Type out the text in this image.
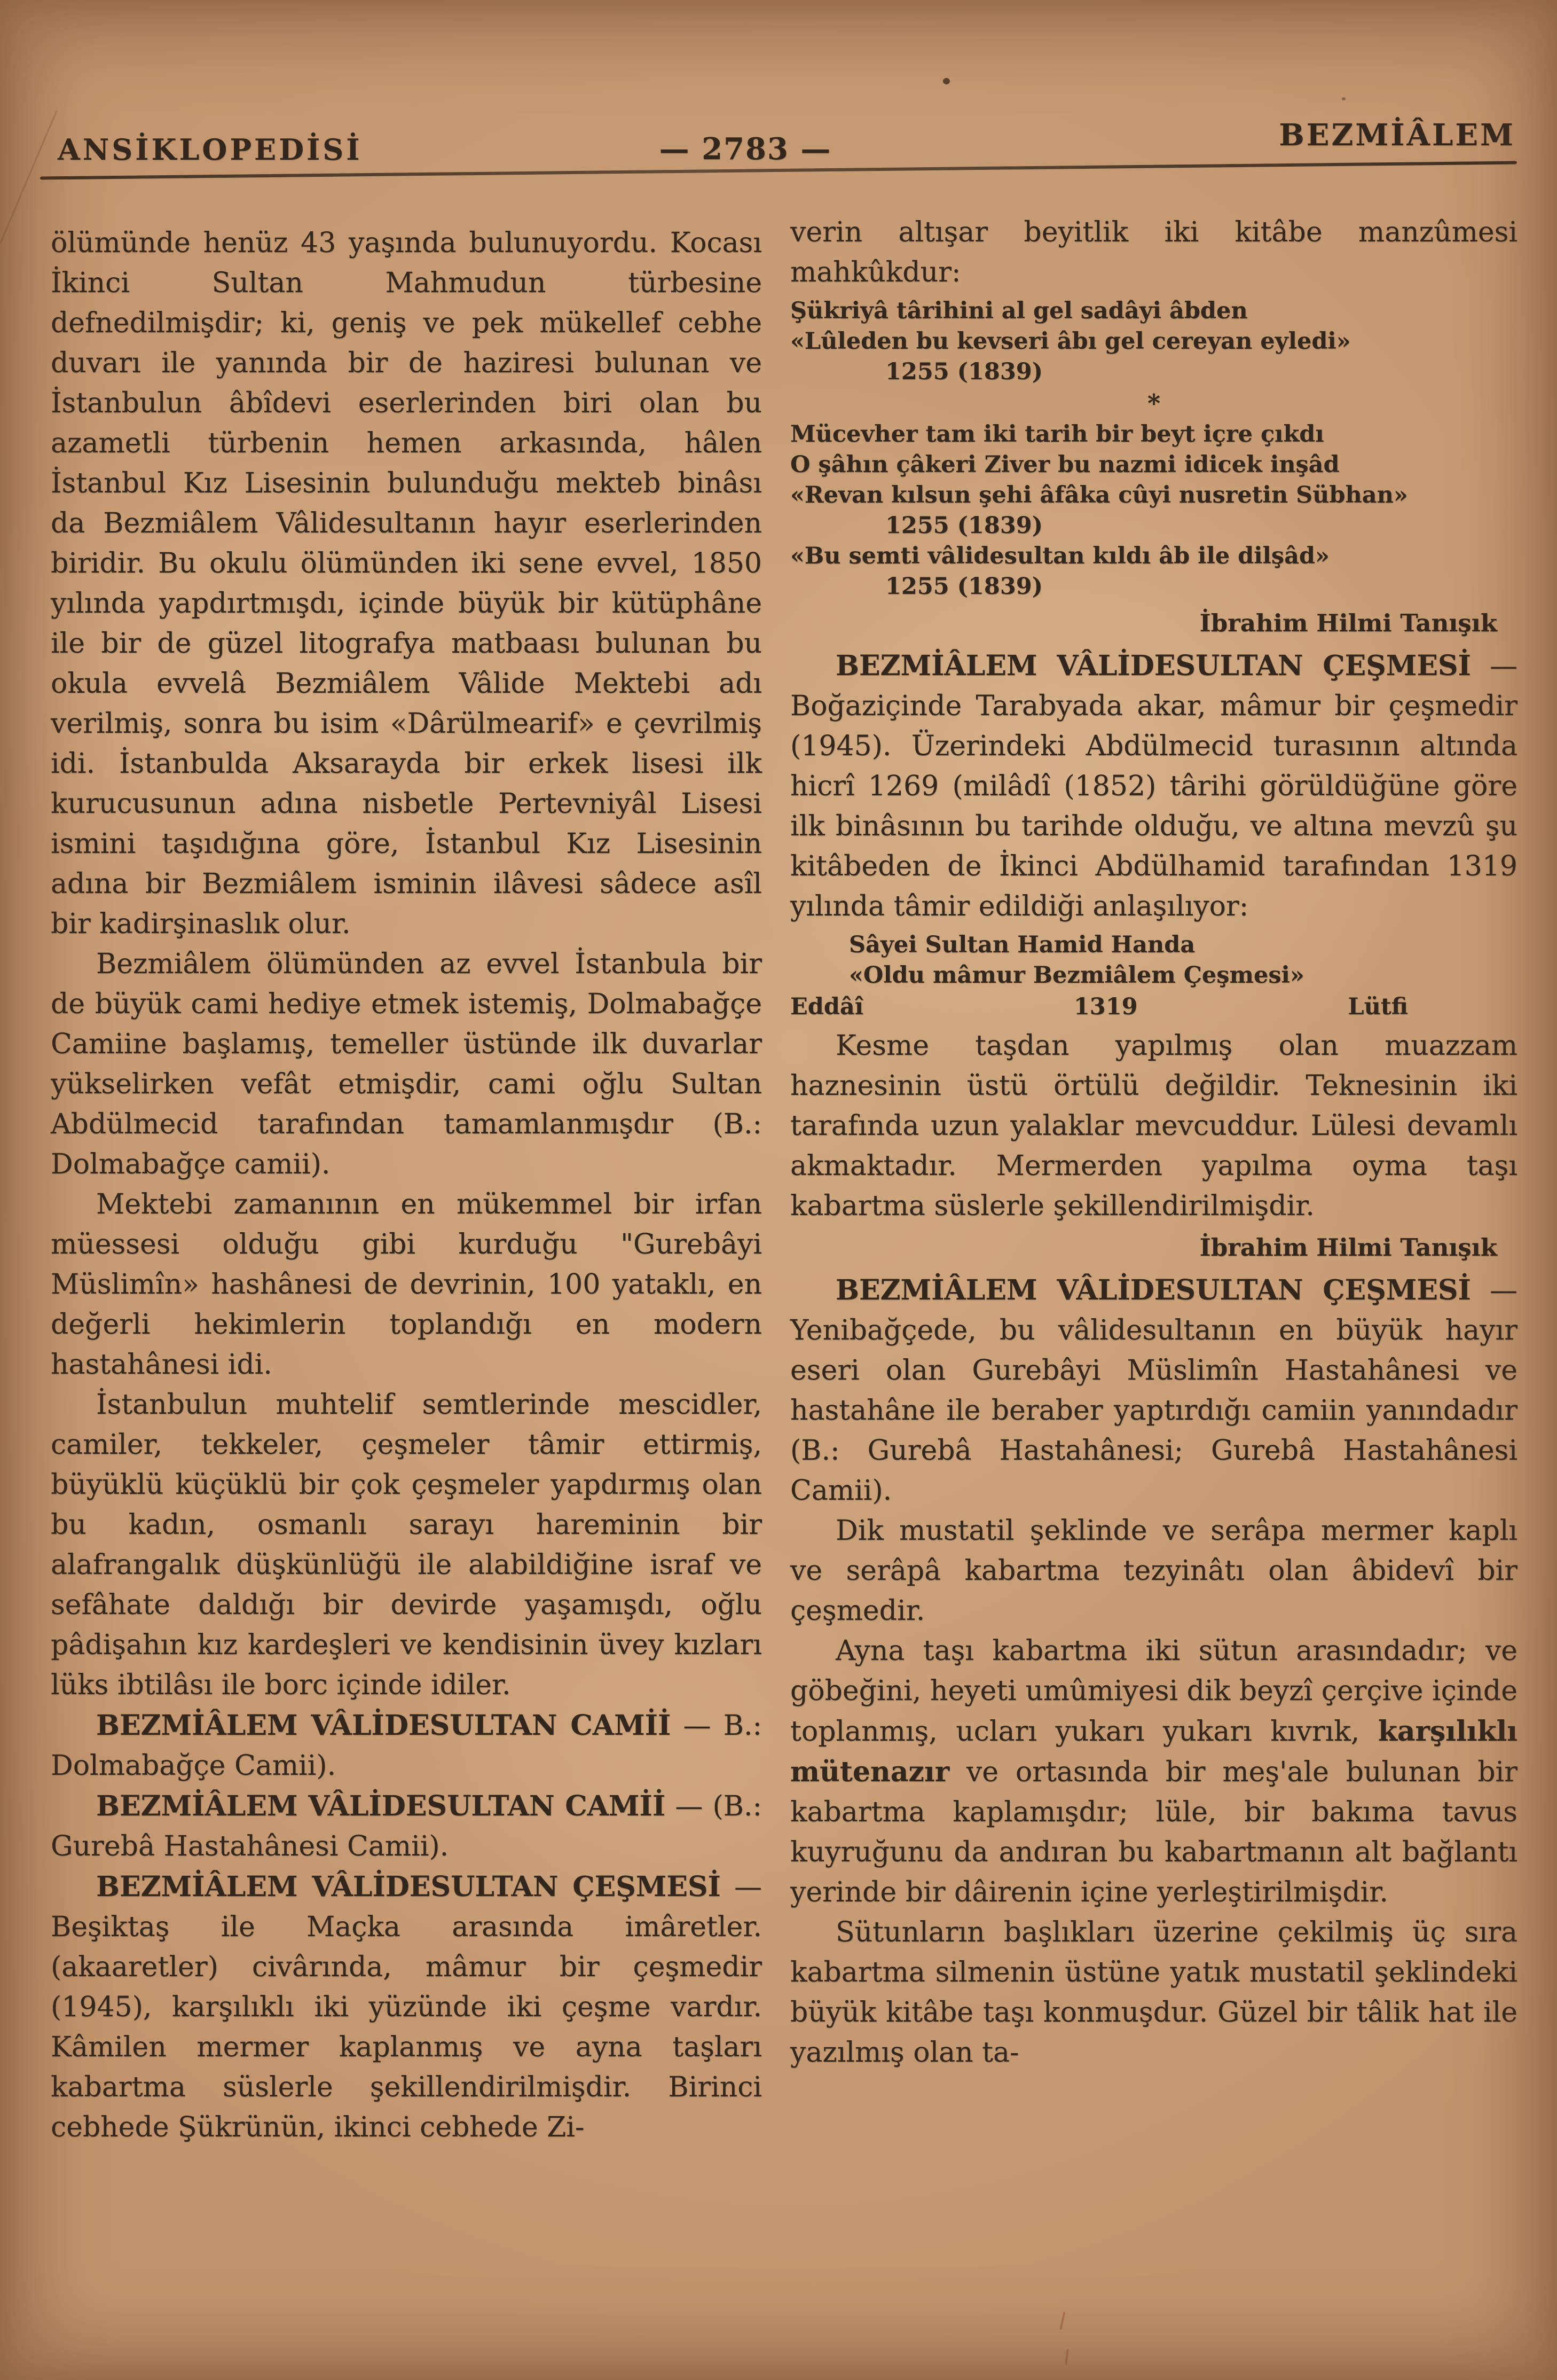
ANSİKLOPEDİSİ	— 2783 —	BEZMİÂLEM

ölümünde henüz 43 yaşında bulunuyordu. Kocası İkinci Sultan Mahmudun türbesine defnedilmişdir; ki, geniş ve pek mükellef cebhe duvarı ile yanında bir de haziresi bulunan ve İstanbulun âbîdevi eserlerinden biri olan bu azametli türbenin hemen arkasında, hâlen İstanbul Kız Lisesinin bulunduğu mekteb binâsı da Bezmiâlem Vâlidesultanın hayır eserlerinden biridir. Bu okulu ölümünden iki sene evvel, 1850 yılında yapdırtmışdı, içinde büyük bir kütüphâne ile bir de güzel litografya matbaası bulunan bu okula evvelâ Bezmiâlem Vâlide Mektebi adı verilmiş, sonra bu isim «Dârülmearif» e çevrilmiş idi. İstanbulda Aksarayda bir erkek lisesi ilk kurucusunun adına nisbetle Pertevniyâl Lisesi ismini taşıdığına göre, İstanbul Kız Lisesinin adına bir Bezmiâlem isminin ilâvesi sâdece asîl bir kadirşinaslık olur.

Bezmiâlem ölümünden az evvel İstanbula bir de büyük cami hediye etmek istemiş, Dolmabağçe Camiine başlamış, temeller üstünde ilk duvarlar yükselirken vefât etmişdir, cami oğlu Sultan Abdülmecid tarafından tamamlanmışdır (B.: Dolmabağçe camii).

Mektebi zamanının en mükemmel bir irfan müessesi olduğu gibi kurduğu "Gurebâyi Müslimîn» hashânesi de devrinin, 100 yataklı, en değerli hekimlerin toplandığı en modern hastahânesi idi.

İstanbulun muhtelif semtlerinde mescidler, camiler, tekkeler, çeşmeler tâmir ettirmiş, büyüklü küçüklü bir çok çeşmeler yapdırmış olan bu kadın, osmanlı sarayı hareminin bir alafrangalık düşkünlüğü ile alabildiğine israf ve sefâhate daldığı bir devirde yaşamışdı, oğlu pâdişahın kız kardeşleri ve kendisinin üvey kızları lüks ibtilâsı ile borc içinde idiler.

BEZMİÂLEM VÂLİDESULTAN CAMİİ — B.: Dolmabağçe Camii).

BEZMİÂLEM VÂLİDESULTAN CAMİİ — (B.: Gurebâ Hastahânesi Camii).

BEZMİÂLEM VÂLİDESULTAN ÇEŞMESİ — Beşiktaş ile Maçka arasında imâretler. (akaaretler) civârında, mâmur bir çeşmedir (1945), karşılıklı iki yüzünde iki çeşme vardır. Kâmilen mermer kaplanmış ve ayna taşları kabartma süslerle şekillendirilmişdir. Birinci cebhede Şükrünün, ikinci cebhede Zi-

verin altışar beyitlik iki kitâbe manzûmesi mahkûkdur:

Şükriyâ târihini al gel sadâyi âbden
«Lûleden bu kevseri âbı gel cereyan eyledi»
1255 (1839)
*
Mücevher tam iki tarih bir beyt içre çıkdı
O şâhın çâkeri Ziver bu nazmi idicek inşâd
«Revan kılsun şehi âfâka cûyi nusretin Sübhan»
1255 (1839)
«Bu semti vâlidesultan kıldı âb ile dilşâd»
1255 (1839)
İbrahim Hilmi Tanışık

BEZMİÂLEM VÂLİDESULTAN ÇEŞMESİ — Boğaziçinde Tarabyada akar, mâmur bir çeşmedir (1945). Üzerindeki Abdülmecid turasının altında hicrî 1269 (milâdî (1852) târihi görüldüğüne göre ilk binâsının bu tarihde olduğu, ve altına mevzû şu kitâbeden de İkinci Abdülhamid tarafından 1319 yılında tâmir edildiği anlaşılıyor:

Sâyei Sultan Hamid Handa
«Oldu mâmur Bezmiâlem Çeşmesi»
Eddâî	1319	Lütfi

Kesme taşdan yapılmış olan muazzam haznesinin üstü örtülü değildir. Teknesinin iki tarafında uzun yalaklar mevcuddur. Lülesi devamlı akmaktadır. Mermerden yapılma oyma taşı kabartma süslerle şekillendirilmişdir.

İbrahim Hilmi Tanışık

BEZMİÂLEM VÂLİDESULTAN ÇEŞMESİ — Yenibağçede, bu vâlidesultanın en büyük hayır eseri olan Gurebâyi Müslimîn Hastahânesi ve hastahâne ile beraber yaptırdığı camiin yanındadır (B.: Gurebâ Hastahânesi; Gurebâ Hastahânesi Camii).

Dik mustatil şeklinde ve serâpa mermer kaplı ve serâpâ kabartma tezyinâtı olan âbidevî bir çeşmedir.

Ayna taşı kabartma iki sütun arasındadır; ve göbeğini, heyeti umûmiyesi dik beyzî çerçive içinde toplanmış, ucları yukarı yukarı kıvrık, karşılıklı mütenazır ve ortasında bir meş'ale bulunan bir kabartma kaplamışdır; lüle, bir bakıma tavus kuyruğunu da andıran bu kabartmanın alt bağlantı yerinde bir dâirenin içine yerleştirilmişdir.

Sütunların başlıkları üzerine çekilmiş üç sıra kabartma silmenin üstüne yatık mustatil şeklindeki büyük kitâbe taşı konmuşdur. Güzel bir tâlik hat ile yazılmış olan ta-
